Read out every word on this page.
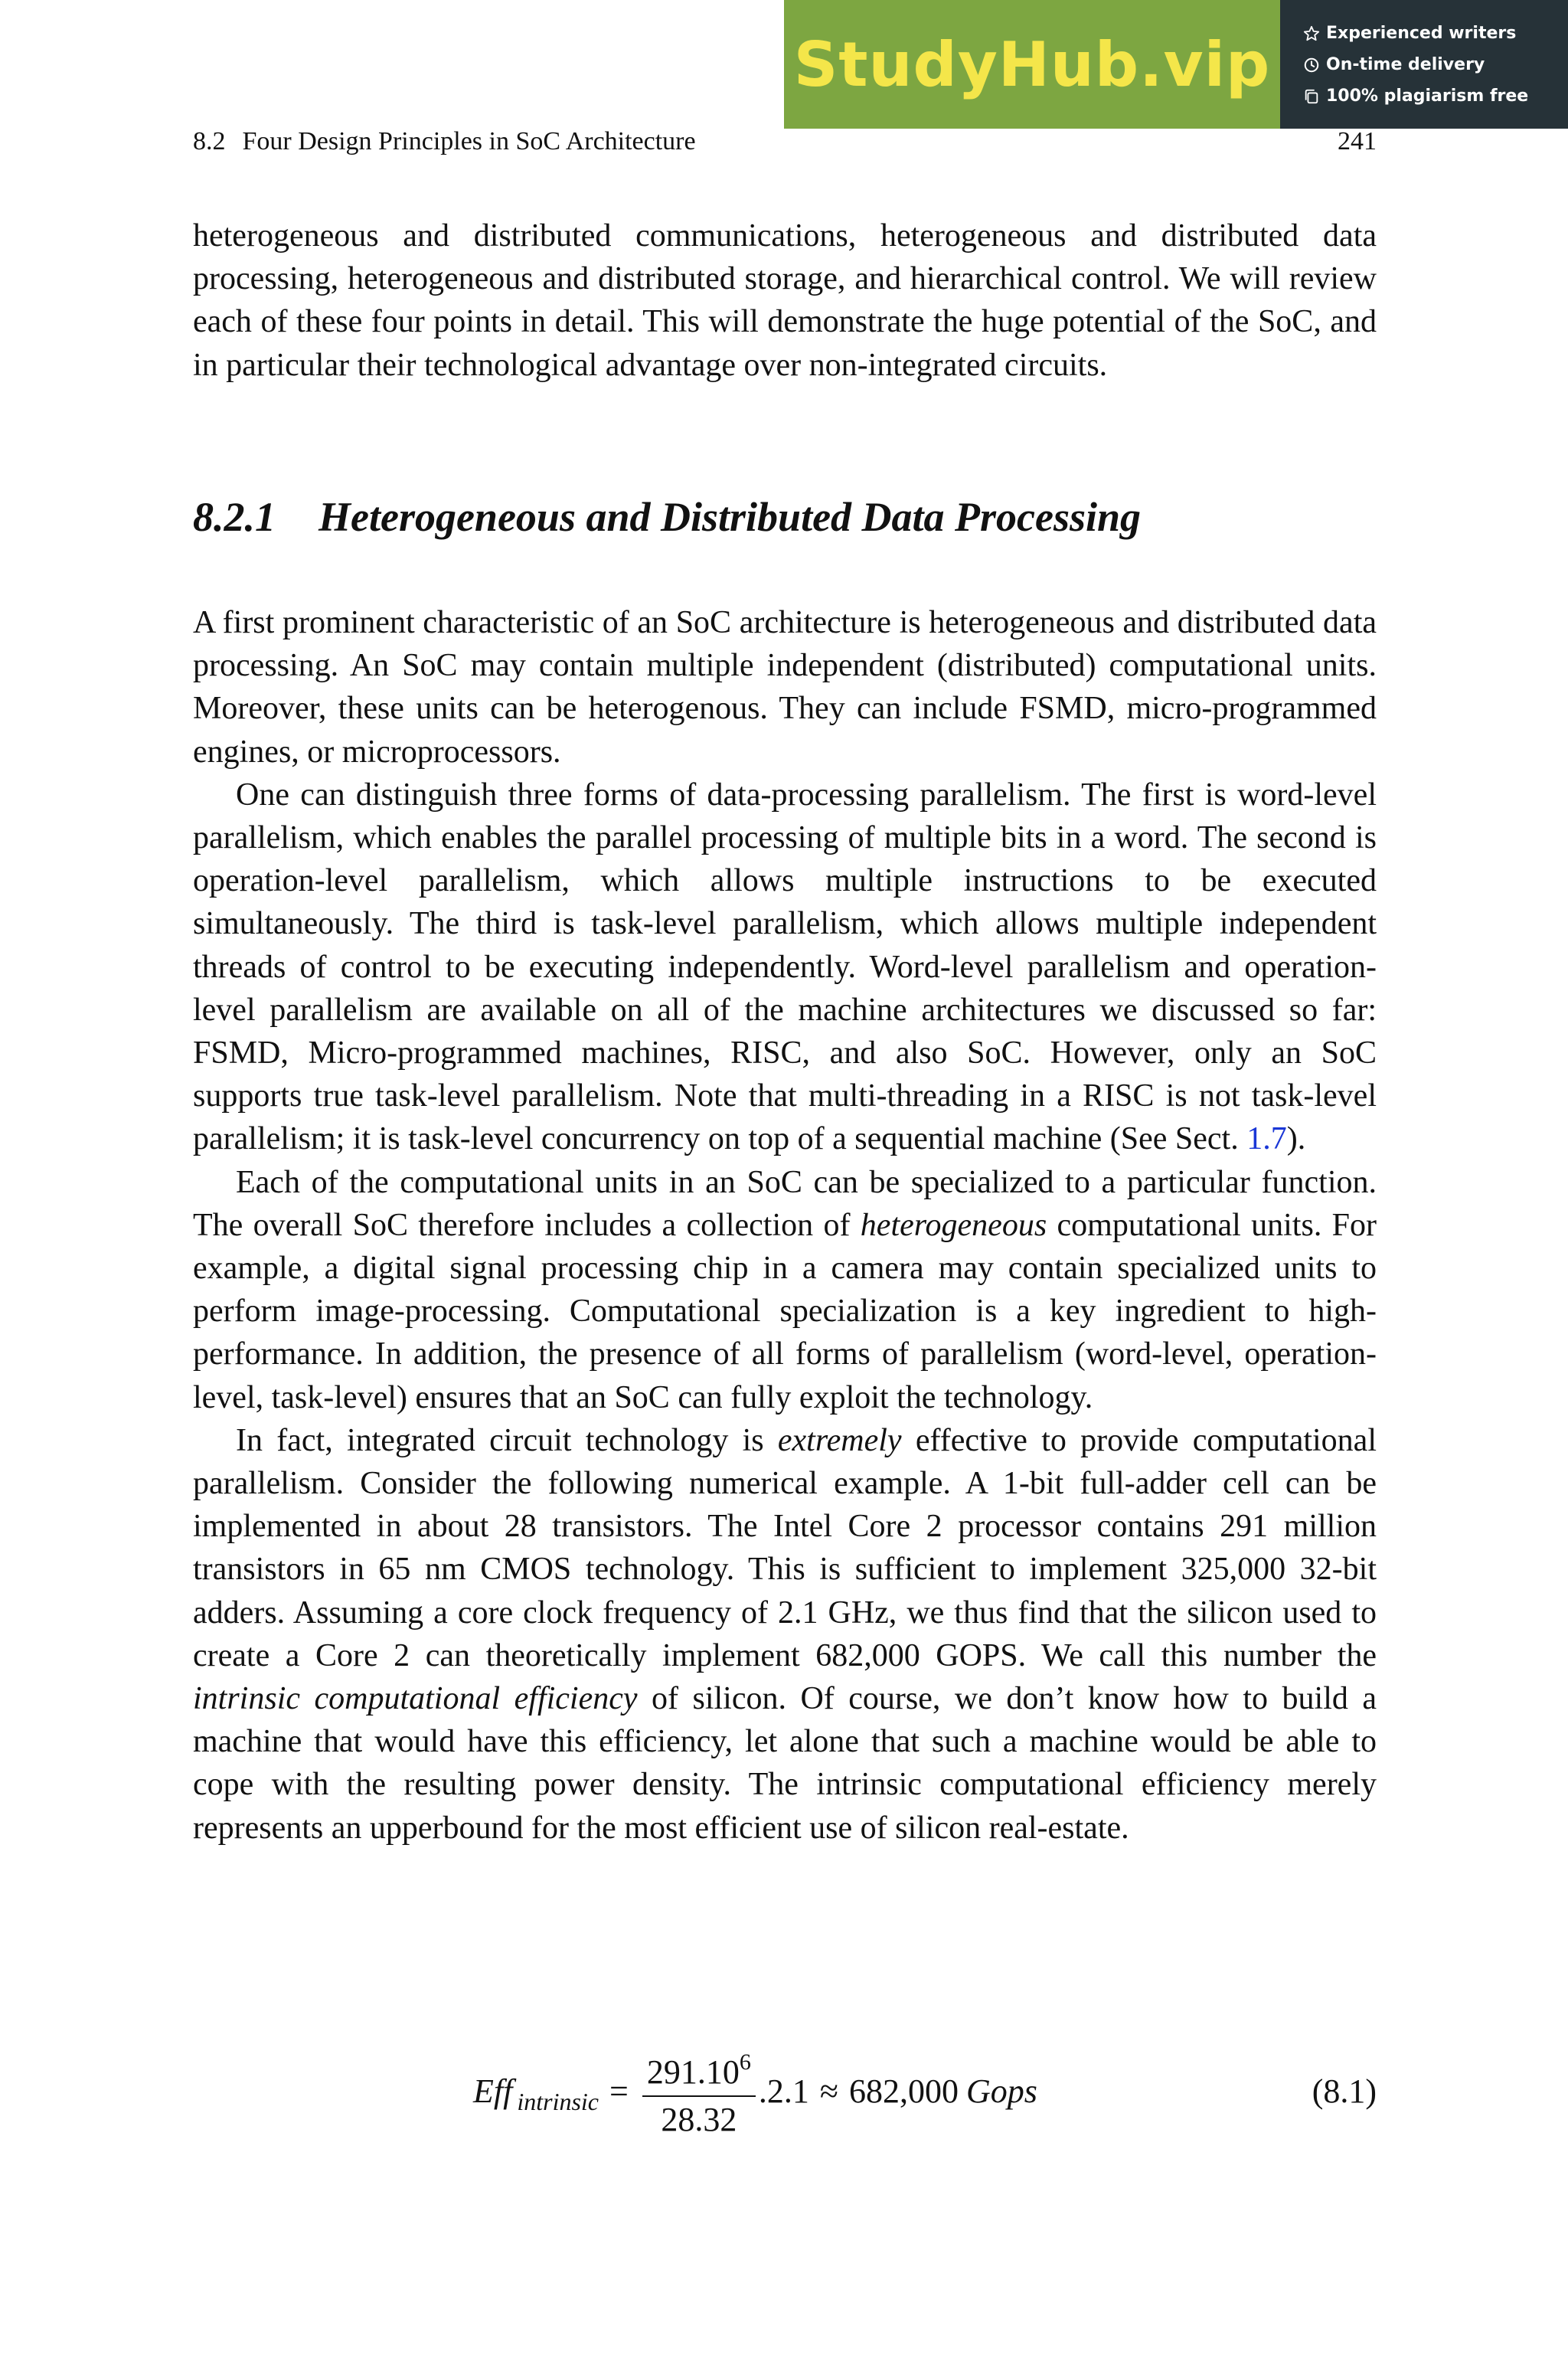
StudyHub.vip	Experienced writers
On-time delivery
100% plagiarism free
8.2 Four Design Principles in SoC Architecture	241

heterogeneous and distributed communications, heterogeneous and distributed data processing, heterogeneous and distributed storage, and hierarchical control. We will review each of these four points in detail. This will demonstrate the huge potential of the SoC, and in particular their technological advantage over non-integrated circuits.

8.2.1 Heterogeneous and Distributed Data Processing

A first prominent characteristic of an SoC architecture is heterogeneous and distributed data processing. An SoC may contain multiple independent (distributed) computational units. Moreover, these units can be heterogenous. They can include FSMD, micro-programmed engines, or microprocessors.

One can distinguish three forms of data-processing parallelism. The first is word-level parallelism, which enables the parallel processing of multiple bits in a word. The second is operation-level parallelism, which allows multiple instructions to be executed simultaneously. The third is task-level parallelism, which allows multiple independent threads of control to be executing independently. Word-level parallelism and operation-level parallelism are available on all of the machine architectures we discussed so far: FSMD, Micro-programmed machines, RISC, and also SoC. However, only an SoC supports true task-level parallelism. Note that multi-threading in a RISC is not task-level parallelism; it is task-level concurrency on top of a sequential machine (See Sect. 1.7).

Each of the computational units in an SoC can be specialized to a particular function. The overall SoC therefore includes a collection of heterogeneous computational units. For example, a digital signal processing chip in a camera may contain specialized units to perform image-processing. Computational specialization is a key ingredient to high-performance. In addition, the presence of all forms of parallelism (word-level, operation-level, task-level) ensures that an SoC can fully exploit the technology.

In fact, integrated circuit technology is extremely effective to provide computational parallelism. Consider the following numerical example. A 1-bit full-adder cell can be implemented in about 28 transistors. The Intel Core 2 processor contains 291 million transistors in 65 nm CMOS technology. This is sufficient to implement 325,000 32-bit adders. Assuming a core clock frequency of 2.1 GHz, we thus find that the silicon used to create a Core 2 can theoretically implement 682,000 GOPS. We call this number the intrinsic computational efficiency of silicon. Of course, we don’t know how to build a machine that would have this efficiency, let alone that such a machine would be able to cope with the resulting power density. The intrinsic computational efficiency merely represents an upperbound for the most efficient use of silicon real-estate.

Eff intrinsic = $\frac{291.10^6}{28.32} .2.1 \approx 682,000$ Gops	(8.1)
